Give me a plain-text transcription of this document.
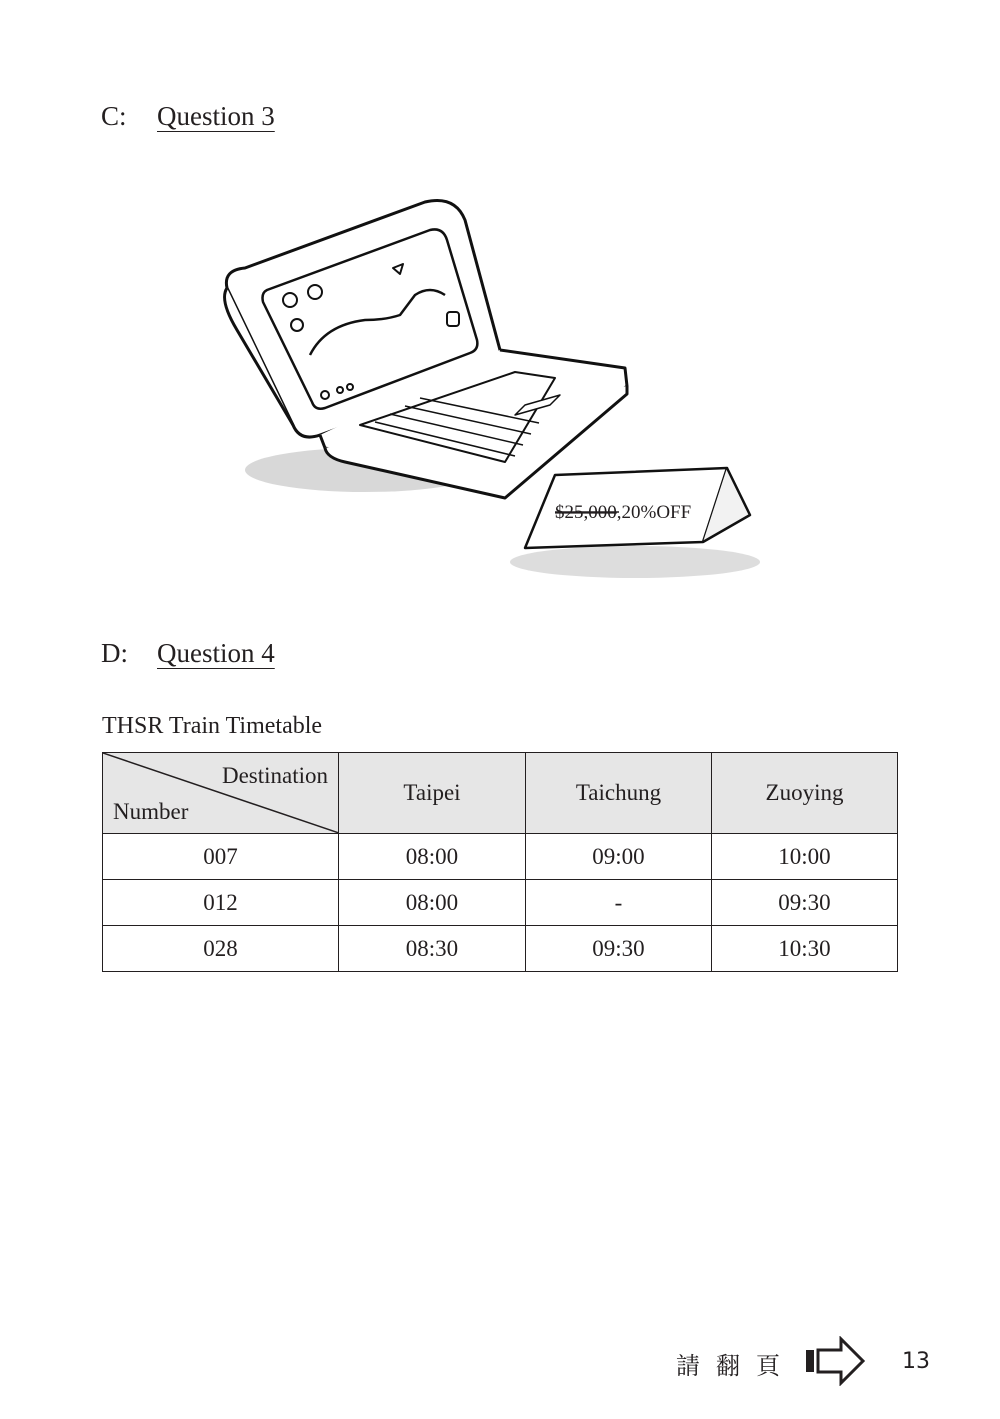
C: Question 3
$25,000,20%OFF
D: Question 4
THSR Train Timetable
Destination
Number	Taipei	Taichung	Zuoying
007	08:00	09:00	10:00
012	08:00	-	09:30
028	08:30	09:30	10:30
請翻頁	13
